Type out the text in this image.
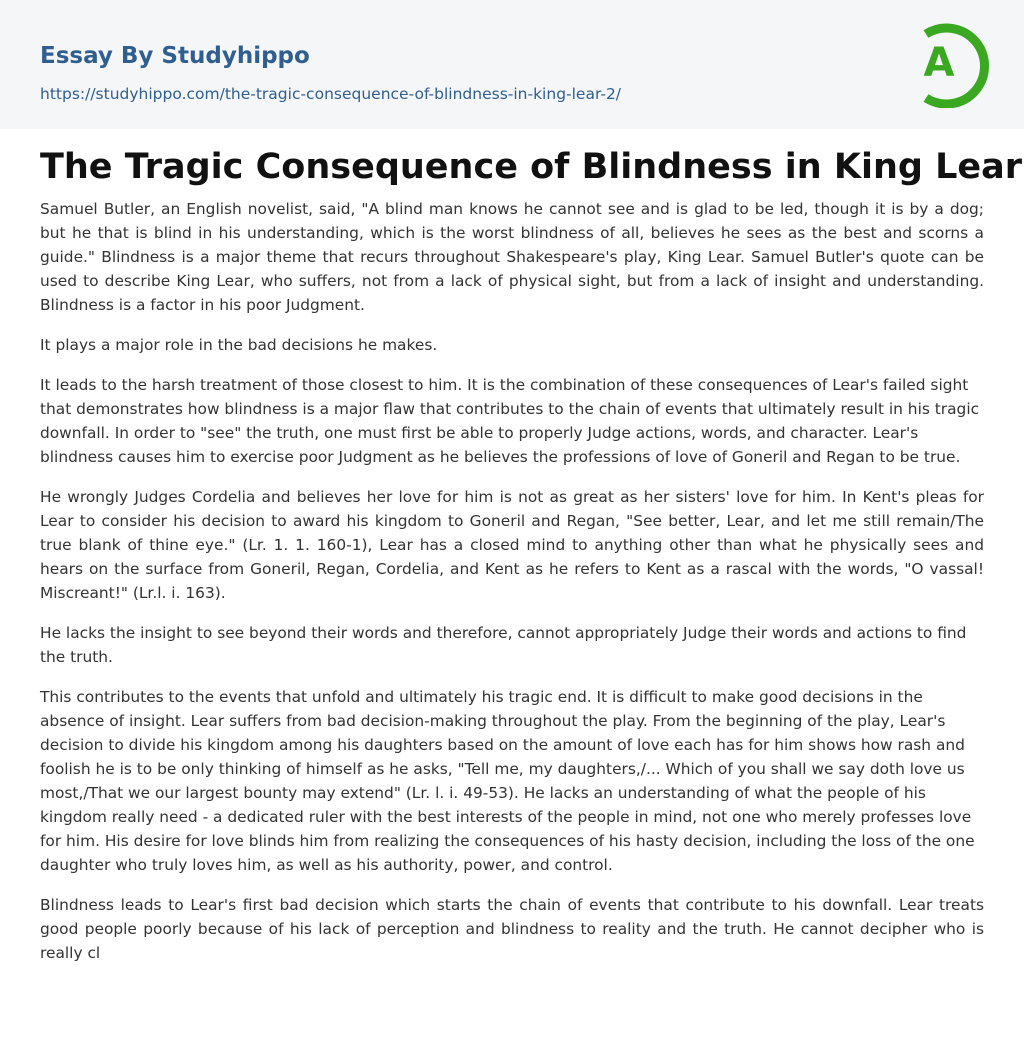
Essay By Studyhippo
https://studyhippo.com/the-tragic-consequence-of-blindness-in-king-lear-2/
A
The Tragic Consequence of Blindness in King Lear

Samuel Butler, an English novelist, said, "A blind man knows he cannot see and is glad to be led, though it is by a dog; but he that is blind in his understanding, which is the worst blindness of all, believes he sees as the best and scorns a guide." Blindness is a major theme that recurs throughout Shakespeare's play, King Lear. Samuel Butler's quote can be used to describe King Lear, who suffers, not from a lack of physical sight, but from a lack of insight and understanding. Blindness is a factor in his poor Judgment.

It plays a major role in the bad decisions he makes.

It leads to the harsh treatment of those closest to him. It is the combination of these consequences of Lear's failed sight that demonstrates how blindness is a major flaw that contributes to the chain of events that ultimately result in his tragic downfall. In order to "see" the truth, one must first be able to properly Judge actions, words, and character. Lear's blindness causes him to exercise poor Judgment as he believes the professions of love of Goneril and Regan to be true.

He wrongly Judges Cordelia and believes her love for him is not as great as her sisters' love for him. In Kent's pleas for Lear to consider his decision to award his kingdom to Goneril and Regan, "See better, Lear, and let me still remain/The true blank of thine eye." (Lr. 1. 1. 160-1), Lear has a closed mind to anything other than what he physically sees and hears on the surface from Goneril, Regan, Cordelia, and Kent as he refers to Kent as a rascal with the words, "O vassal! Miscreant!" (Lr.l. i. 163).

He lacks the insight to see beyond their words and therefore, cannot appropriately Judge their words and actions to find the truth.

This contributes to the events that unfold and ultimately his tragic end. It is difficult to make good decisions in the absence of insight. Lear suffers from bad decision-making throughout the play. From the beginning of the play, Lear's decision to divide his kingdom among his daughters based on the amount of love each has for him shows how rash and foolish he is to be only thinking of himself as he asks, "Tell me, my daughters,/... Which of you shall we say doth love us most,/That we our largest bounty may extend" (Lr. l. i. 49-53). He lacks an understanding of what the people of his kingdom really need - a dedicated ruler with the best interests of the people in mind, not one who merely professes love for him. His desire for love blinds him from realizing the consequences of his hasty decision, including the loss of the one daughter who truly loves him, as well as his authority, power, and control.

Blindness leads to Lear's first bad decision which starts the chain of events that contribute to his downfall. Lear treats good people poorly because of his lack of perception and blindness to reality and the truth. He cannot decipher who is really cl
